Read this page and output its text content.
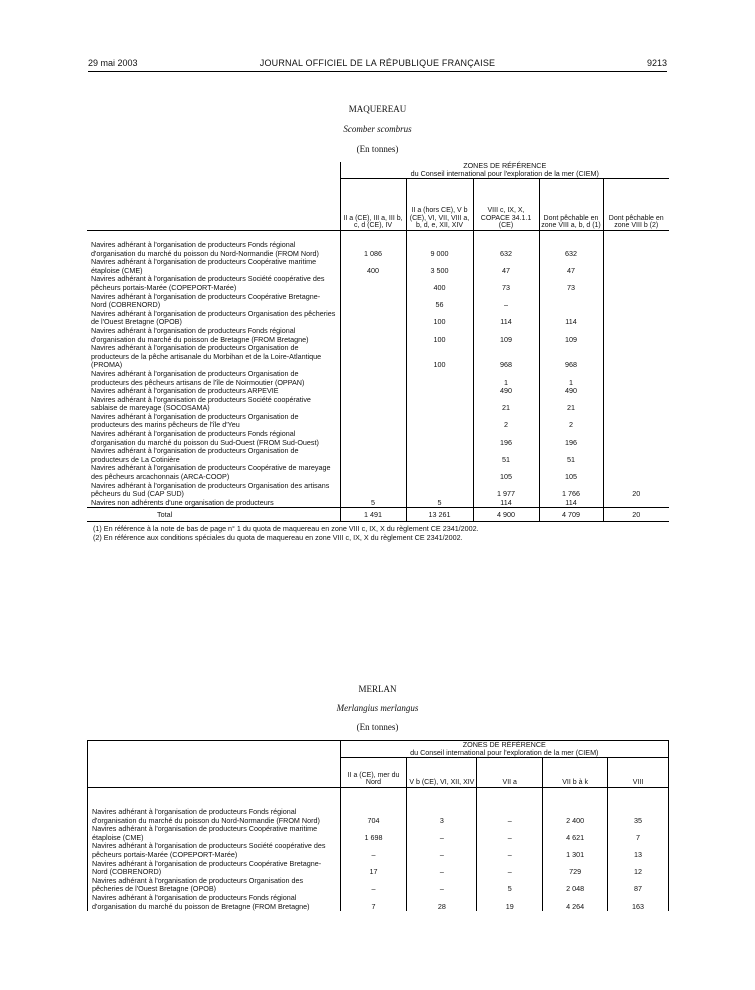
29 mai 2003	JOURNAL OFFICIEL DE LA RÉPUBLIQUE FRANÇAISE	9213
MAQUEREAU
Scomber scombrus
(En tonnes)

	ZONES DE RÉFÉRENCE
du Conseil international pour l'exploration de la mer (CIEM)				

	II a (CE), III a, III b, c, d (CE), IV	II a (hors CE), V b (CE), VI, VII, VIII a, b, d, e, XII, XIV	VIII c, IX, X, COPACE 34.1.1 (CE)	Dont pêchable en zone VIII a, b, d (1)	Dont pêchable en zone VIII b (2)

Navires adhérant à l'organisation de producteurs Fonds régional d'organisation du marché du poisson du Nord-Normandie (FROM Nord)	1 086	9 000	632	632	
Navires adhérant à l'organisation de producteurs Coopérative maritime étaploise (CME)	400	3 500	47	47	
Navires adhérant à l'organisation de producteurs Société coopérative des pêcheurs portais-Marée (COPEPORT-Marée)		400	73	73	
Navires adhérant à l'organisation de producteurs Coopérative Bretagne-Nord (COBRENORD)		56	–		
Navires adhérant à l'organisation de producteurs Organisation des pêcheries de l'Ouest Bretagne (OPOB)		100	114	114	
Navires adhérant à l'organisation de producteurs Fonds régional d'organisation du marché du poisson de Bretagne (FROM Bretagne)		100	109	109	
Navires adhérant à l'organisation de producteurs Organisation de producteurs de la pêche artisanale du Morbihan et de la Loire-Atlantique (PROMA)		100	968	968	
Navires adhérant à l'organisation de producteurs Organisation de producteurs des pêcheurs artisans de l'île de Noirmoutier (OPPAN)			1	1	
Navires adhérant à l'organisation de producteurs ARPEVIE			490	490	
Navires adhérant à l'organisation de producteurs Société coopérative sablaise de mareyage (SOCOSAMA)			21	21	
Navires adhérant à l'organisation de producteurs Organisation de producteurs des marins pêcheurs de l'île d'Yeu			2	2	
Navires adhérant à l'organisation de producteurs Fonds régional d'organisation du marché du poisson du Sud-Ouest (FROM Sud-Ouest)			196	196	
Navires adhérant à l'organisation de producteurs Organisation de producteurs de La Cotinière			51	51	
Navires adhérant à l'organisation de producteurs Coopérative de mareyage des pêcheurs arcachonnais (ARCA-COOP)			105	105	
Navires adhérant à l'organisation de producteurs Organisation des artisans pêcheurs du Sud (CAP SUD)			1 977	1 766	20
Navires non adhérents d'une organisation de producteurs	5	5	114	114	
Total	1 491	13 261	4 900	4 709	20

(1) En référence à la note de bas de page n° 1 du quota de maquereau en zone VIII c, IX, X du règlement CE 2341/2002.
(2) En référence aux conditions spéciales du quota de maquereau en zone VIII c, IX, X du règlement CE 2341/2002.					
MERLAN
Merlangius merlangus
(En tonnes)

	ZONES DE RÉFÉRENCE
du Conseil international pour l'exploration de la mer (CIEM)				

	II a (CE), mer du Nord	V b (CE), VI, XII, XIV	VII a	VII b à k	VIII

Navires adhérant à l'organisation de producteurs Fonds régional d'organisation du marché du poisson du Nord-Normandie (FROM Nord)	704	3	–	2 400	35
Navires adhérant à l'organisation de producteurs Coopérative maritime étaploise (CME)	1 698	–	–	4 621	7
Navires adhérant à l'organisation de producteurs Société coopérative des pêcheurs portais-Marée (COPEPORT-Marée)	–	–	–	1 301	13
Navires adhérant à l'organisation de producteurs Coopérative Bretagne-Nord (COBRENORD)	17	–	–	729	12
Navires adhérant à l'organisation de producteurs Organisation des pêcheries de l'Ouest Bretagne (OPOB)	–	–	5	2 048	87
Navires adhérant à l'organisation de producteurs Fonds régional d'organisation du marché du poisson de Bretagne (FROM Bretagne)	7	28	19	4 264	163
